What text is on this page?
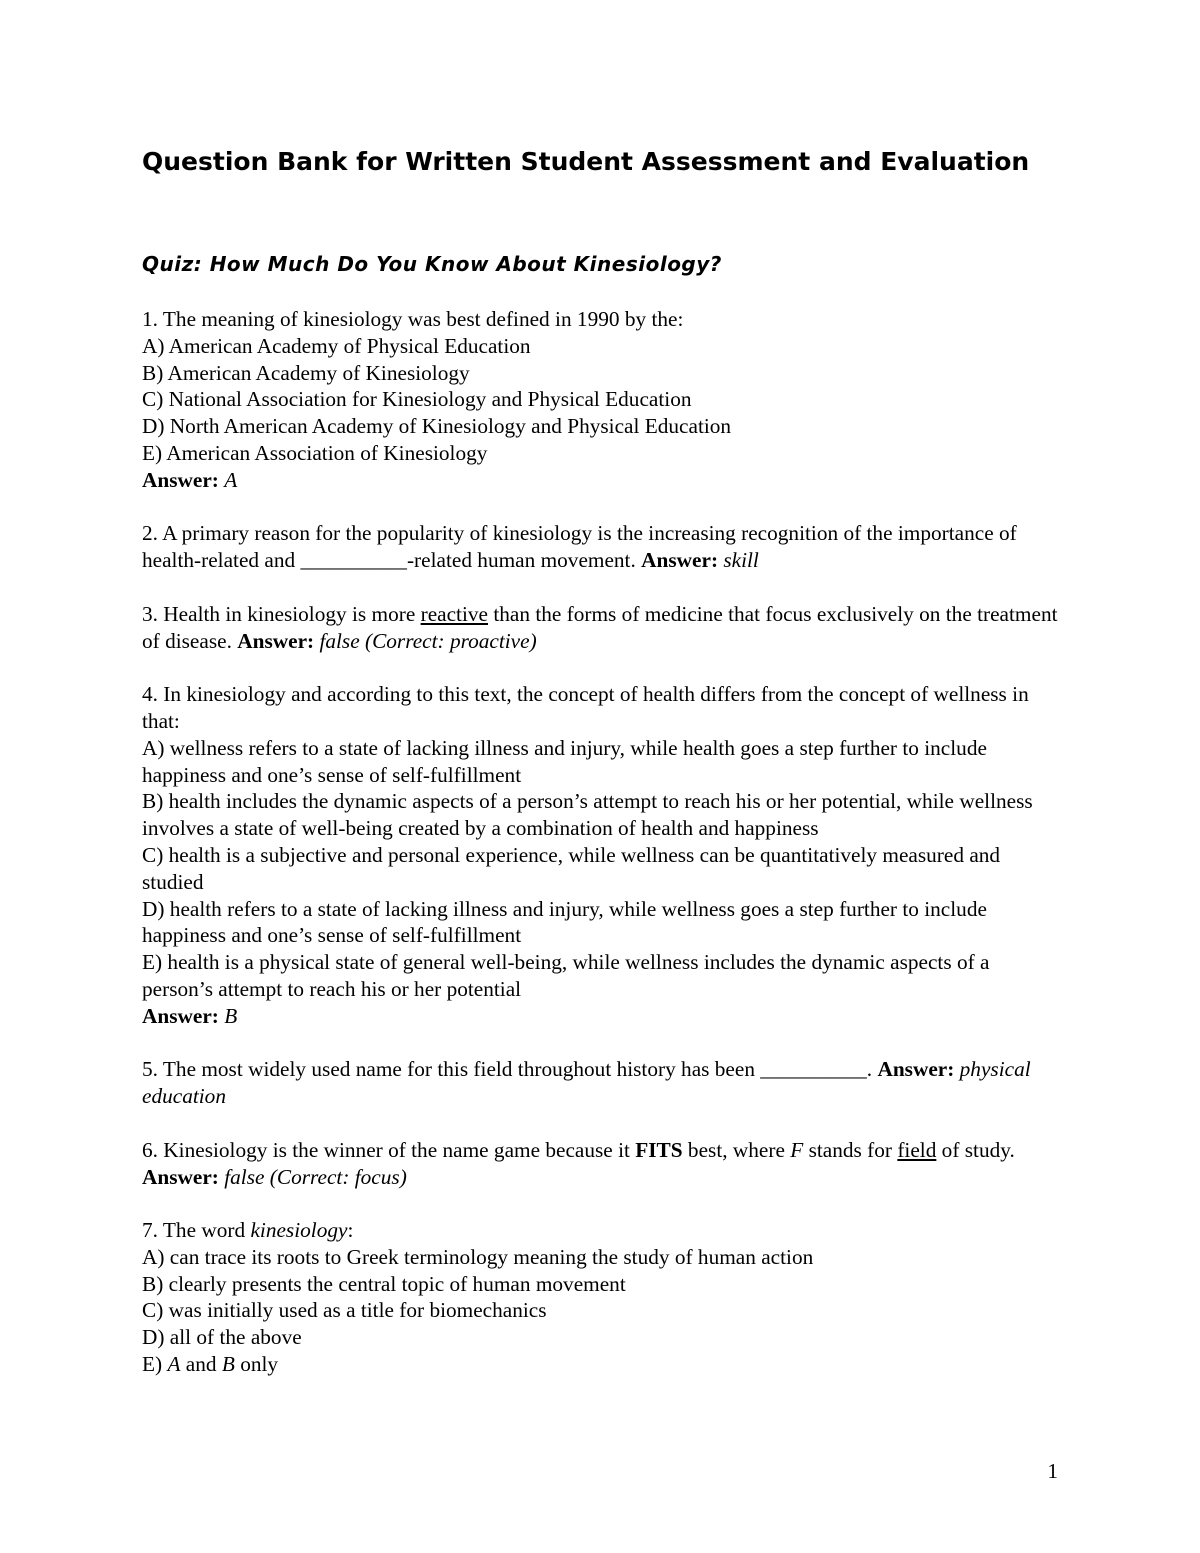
Question Bank for Written Student Assessment and Evaluation
Quiz: How Much Do You Know About Kinesiology?

1. The meaning of kinesiology was best defined in 1990 by the:

A) American Academy of Physical Education

B) American Academy of Kinesiology

C) National Association for Kinesiology and Physical Education

D) North American Academy of Kinesiology and Physical Education

E) American Association of Kinesiology

Answer: A

2. A primary reason for the popularity of kinesiology is the increasing recognition of the importance of health-related and __________-related human movement. Answer: skill

3. Health in kinesiology is more reactive than the forms of medicine that focus exclusively on the treatment of disease. Answer: false (Correct: proactive)

4. In kinesiology and according to this text, the concept of health differs from the concept of wellness in that:

A) wellness refers to a state of lacking illness and injury, while health goes a step further to include happiness and one’s sense of self-fulfillment

B) health includes the dynamic aspects of a person’s attempt to reach his or her potential, while wellness involves a state of well-being created by a combination of health and happiness

C) health is a subjective and personal experience, while wellness can be quantitatively measured and studied

D) health refers to a state of lacking illness and injury, while wellness goes a step further to include happiness and one’s sense of self-fulfillment

E) health is a physical state of general well-being, while wellness includes the dynamic aspects of a person’s attempt to reach his or her potential

Answer: B

5. The most widely used name for this field throughout history has been __________. Answer: physical education

6. Kinesiology is the winner of the name game because it FITS best, where F stands for field of study. Answer: false (Correct: focus)

7. The word kinesiology:

A) can trace its roots to Greek terminology meaning the study of human action

B) clearly presents the central topic of human movement

C) was initially used as a title for biomechanics

D) all of the above

E) A and B only

1
